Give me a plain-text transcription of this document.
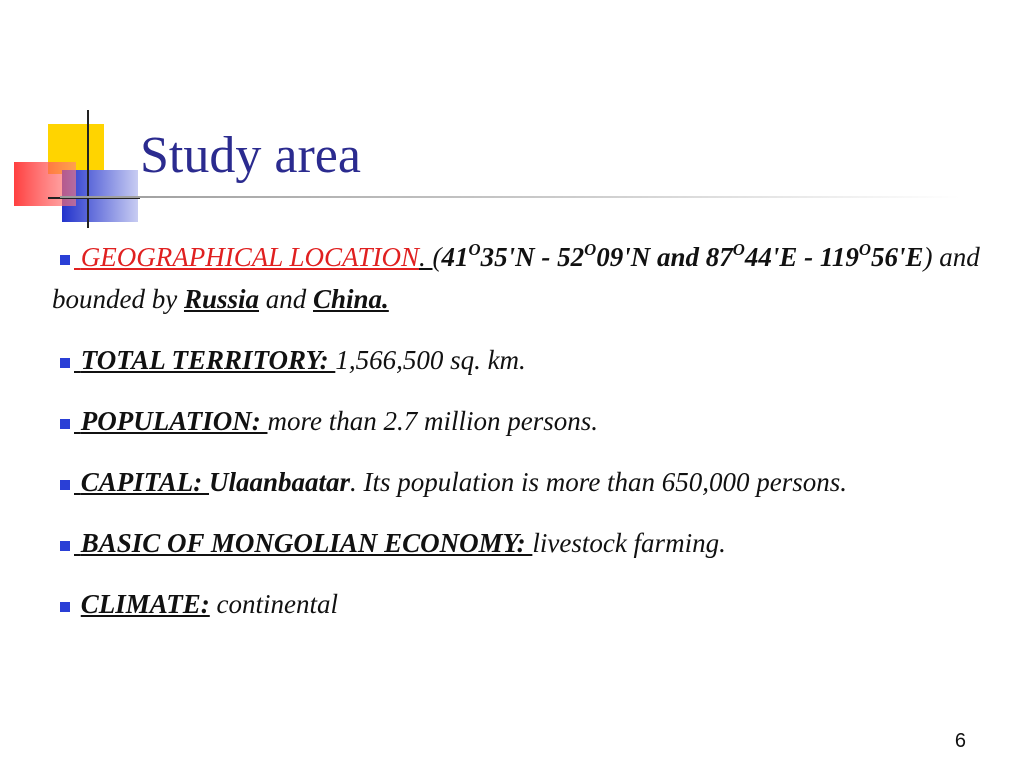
Study area
GEOGRAPHICAL LOCATION. ($41^O35'N - 52^O09'N$ and $87^O44'E - 119^O56'E$) and bounded by Russia and China.
TOTAL TERRITORY: 1,566,500 sq. km.
POPULATION: more than 2.7 million persons.
CAPITAL: Ulaanbaatar. Its population is more than 650,000 persons.
BASIC OF MONGOLIAN ECONOMY: livestock farming.
CLIMATE: continental
6
